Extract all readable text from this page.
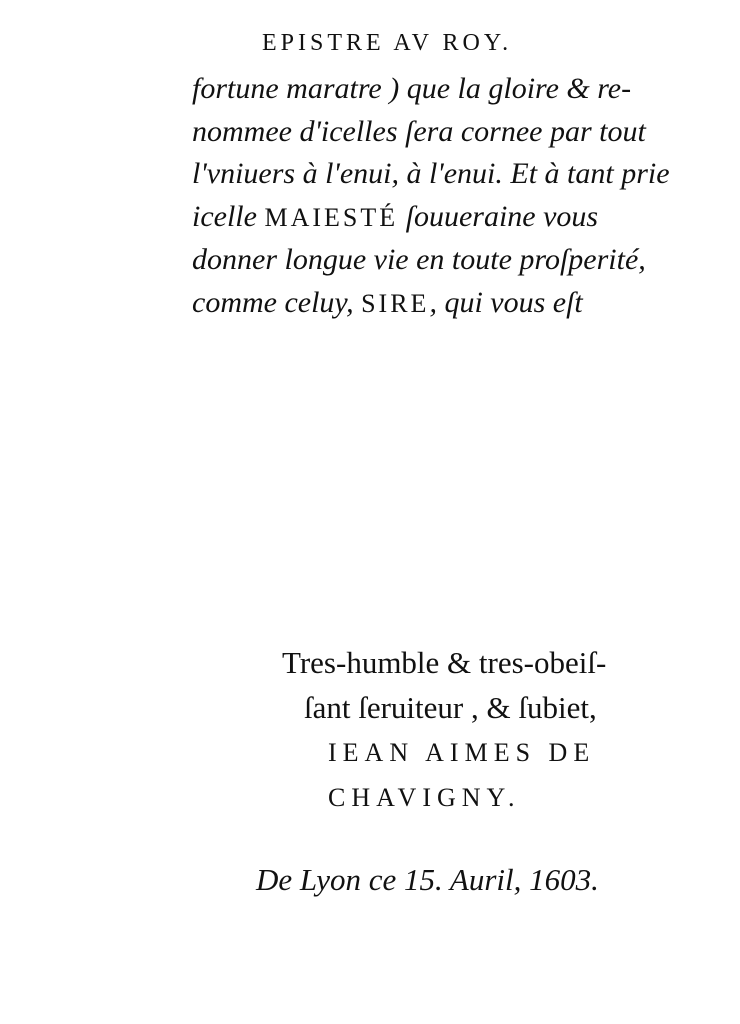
EPISTRE AV ROY.
fortune maratre ) que la gloire & re-
nommee d'icelles ſera cornee par tout
l'vniuers à l'enui, à l'enui. Et à tant prie
icelle MAIESTÉ ſouueraine vous
donner longue vie en toute proſperité,
comme celuy, SIRE, qui vous eſt
Tres-humble & tres-obeiſ-
ſant ſeruiteur , & ſubiet,
IEAN AIMES DE
CHAVIGNY.
De Lyon ce 15. Auril, 1603.
